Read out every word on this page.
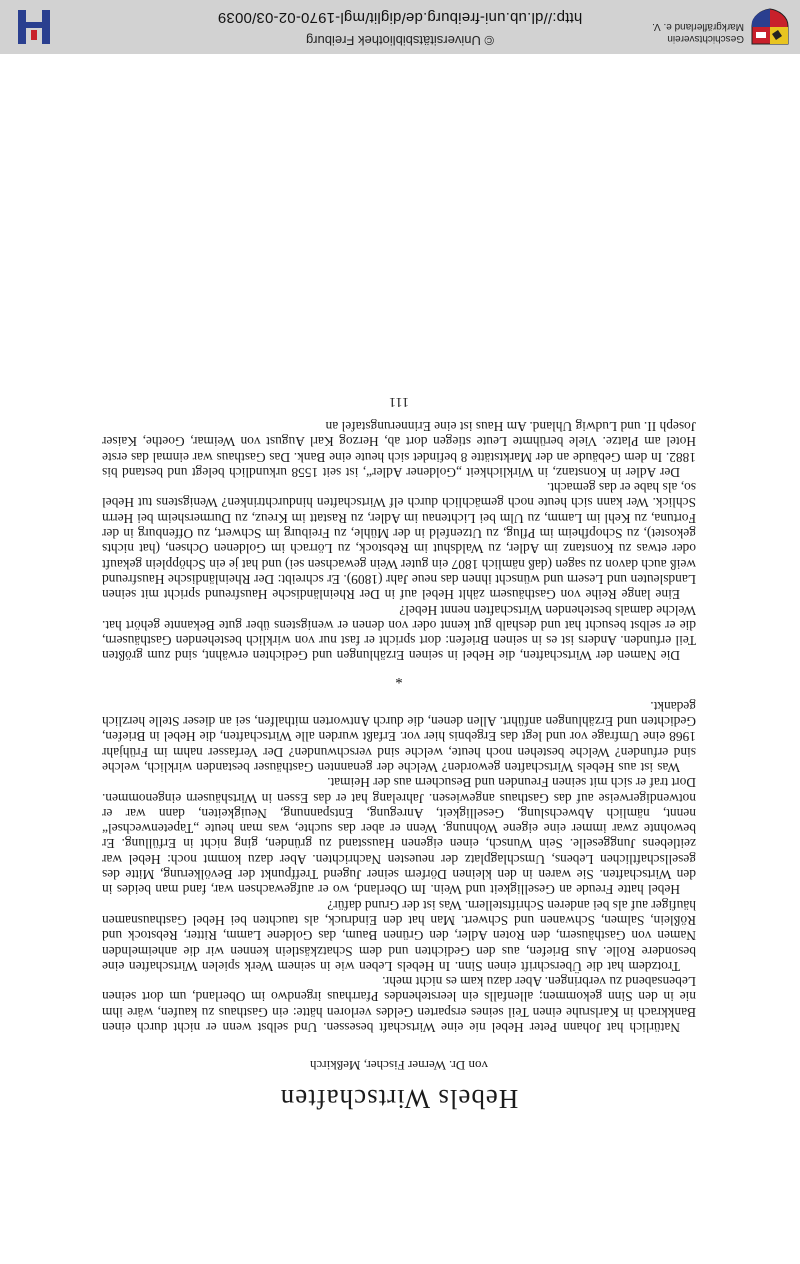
Hebels Wirtschaften
von Dr. Werner Fischer, Meßkirch

Natürlich hat Johann Peter Hebel nie eine Wirtschaft besessen. Und selbst wenn er nicht durch einen Bankkrach in Karlsruhe einen Teil seines ersparten Geldes verloren hätte: ein Gasthaus zu kaufen, wäre ihm nie in den Sinn gekommen; allenfalls ein leerstehendes Pfarrhaus irgendwo im Oberland, um dort seinen Lebensabend zu verbringen. Aber dazu kam es nicht mehr.

Trotzdem hat die Überschrift einen Sinn. In Hebels Leben wie in seinem Werk spielen Wirtschaften eine besondere Rolle. Aus Briefen, aus den Gedichten und dem Schatzkästlein kennen wir die anheimelnden Namen von Gasthäusern, den Roten Adler, den Grünen Baum, das Goldene Lamm, Ritter, Rebstock und Rößlein, Salmen, Schwanen und Schwert. Man hat den Eindruck, als tauchten bei Hebel Gasthausnamen häufiger auf als bei anderen Schriftstellern. Was ist der Grund dafür?

Hebel hatte Freude an Geselligkeit und Wein. Im Oberland, wo er aufgewachsen war, fand man beides in den Wirtschaften. Sie waren in den kleinen Dörfern seiner Jugend Treffpunkt der Bevölkerung, Mitte des gesellschaftlichen Lebens, Umschlagplatz der neuesten Nachrichten. Aber dazu kommt noch: Hebel war zeitlebens Junggeselle. Sein Wunsch, einen eigenen Hausstand zu gründen, ging nicht in Erfüllung. Er bewohnte zwar immer eine eigene Wohnung. Wenn er aber das suchte, was man heute „Tapetenwechsel“ nennt, nämlich Abwechslung, Geselligkeit, Anregung, Entspannung, Neuigkeiten, dann war er notwendigerweise auf das Gasthaus angewiesen. Jahrelang hat er das Essen in Wirtshäusern eingenommen. Dort traf er sich mit seinen Freunden und Besuchern aus der Heimat.

Was ist aus Hebels Wirtschaften geworden? Welche der genannten Gasthäuser bestanden wirklich, welche sind erfunden? Welche bestehen noch heute, welche sind verschwunden? Der Verfasser nahm im Frühjahr 1968 eine Umfrage vor und legt das Ergebnis hier vor. Erfaßt wurden alle Wirtschaften, die Hebel in Briefen, Gedichten und Erzählungen anführt. Allen denen, die durch Antworten mithalfen, sei an dieser Stelle herzlich gedankt.

*

Die Namen der Wirtschaften, die Hebel in seinen Erzählungen und Gedichten erwähnt, sind zum größten Teil erfunden. Anders ist es in seinen Briefen: dort spricht er fast nur von wirklich bestehenden Gasthäusern, die er selbst besucht hat und deshalb gut kennt oder von denen er wenigstens über gute Bekannte gehört hat. Welche damals bestehenden Wirtschaften nennt Hebel?

Eine lange Reihe von Gasthäusern zählt Hebel auf in Der Rheinländische Hausfreund spricht mit seinen Landsleuten und Lesern und wünscht ihnen das neue Jahr (1809). Er schreibt: Der Rheinländische Hausfreund weiß auch davon zu sagen (daß nämlich 1807 ein guter Wein gewachsen sei) und hat je ein Schöpplein gekauft oder etwas zu Konstanz im Adler, zu Waldshut im Rebstock, zu Lörrach im Goldenen Ochsen, (hat nichts gekostet), zu Schopfheim im Pflug, zu Utzenfeld in der Mühle, zu Freiburg im Schwert, zu Offenburg in der Fortuna, zu Kehl im Lamm, zu Ulm bei Lichtenau im Adler, zu Rastatt im Kreuz, zu Durmersheim bei Herrn Schlick. Wer kann sich heute noch gemächlich durch elf Wirtschaften hindurchtrinken? Wenigstens tut Hebel so, als habe er das gemacht.

Der Adler in Konstanz, in Wirklichkeit „Goldener Adler“, ist seit 1558 urkundlich belegt und bestand bis 1882. In dem Gebäude an der Marktstätte 8 befindet sich heute eine Bank. Das Gasthaus war einmal das erste Hotel am Platze. Viele berühmte Leute stiegen dort ab, Herzog Karl August von Weimar, Goethe, Kaiser Joseph II. und Ludwig Uhland. Am Haus ist eine Erinnerungstafel an

111
Geschichtsverein
Markgräflerland e. V.
© Universitätsbibliothek Freiburg
http://dl.ub.uni-freiburg.de/diglit/mgl-1970-02-03/0039
